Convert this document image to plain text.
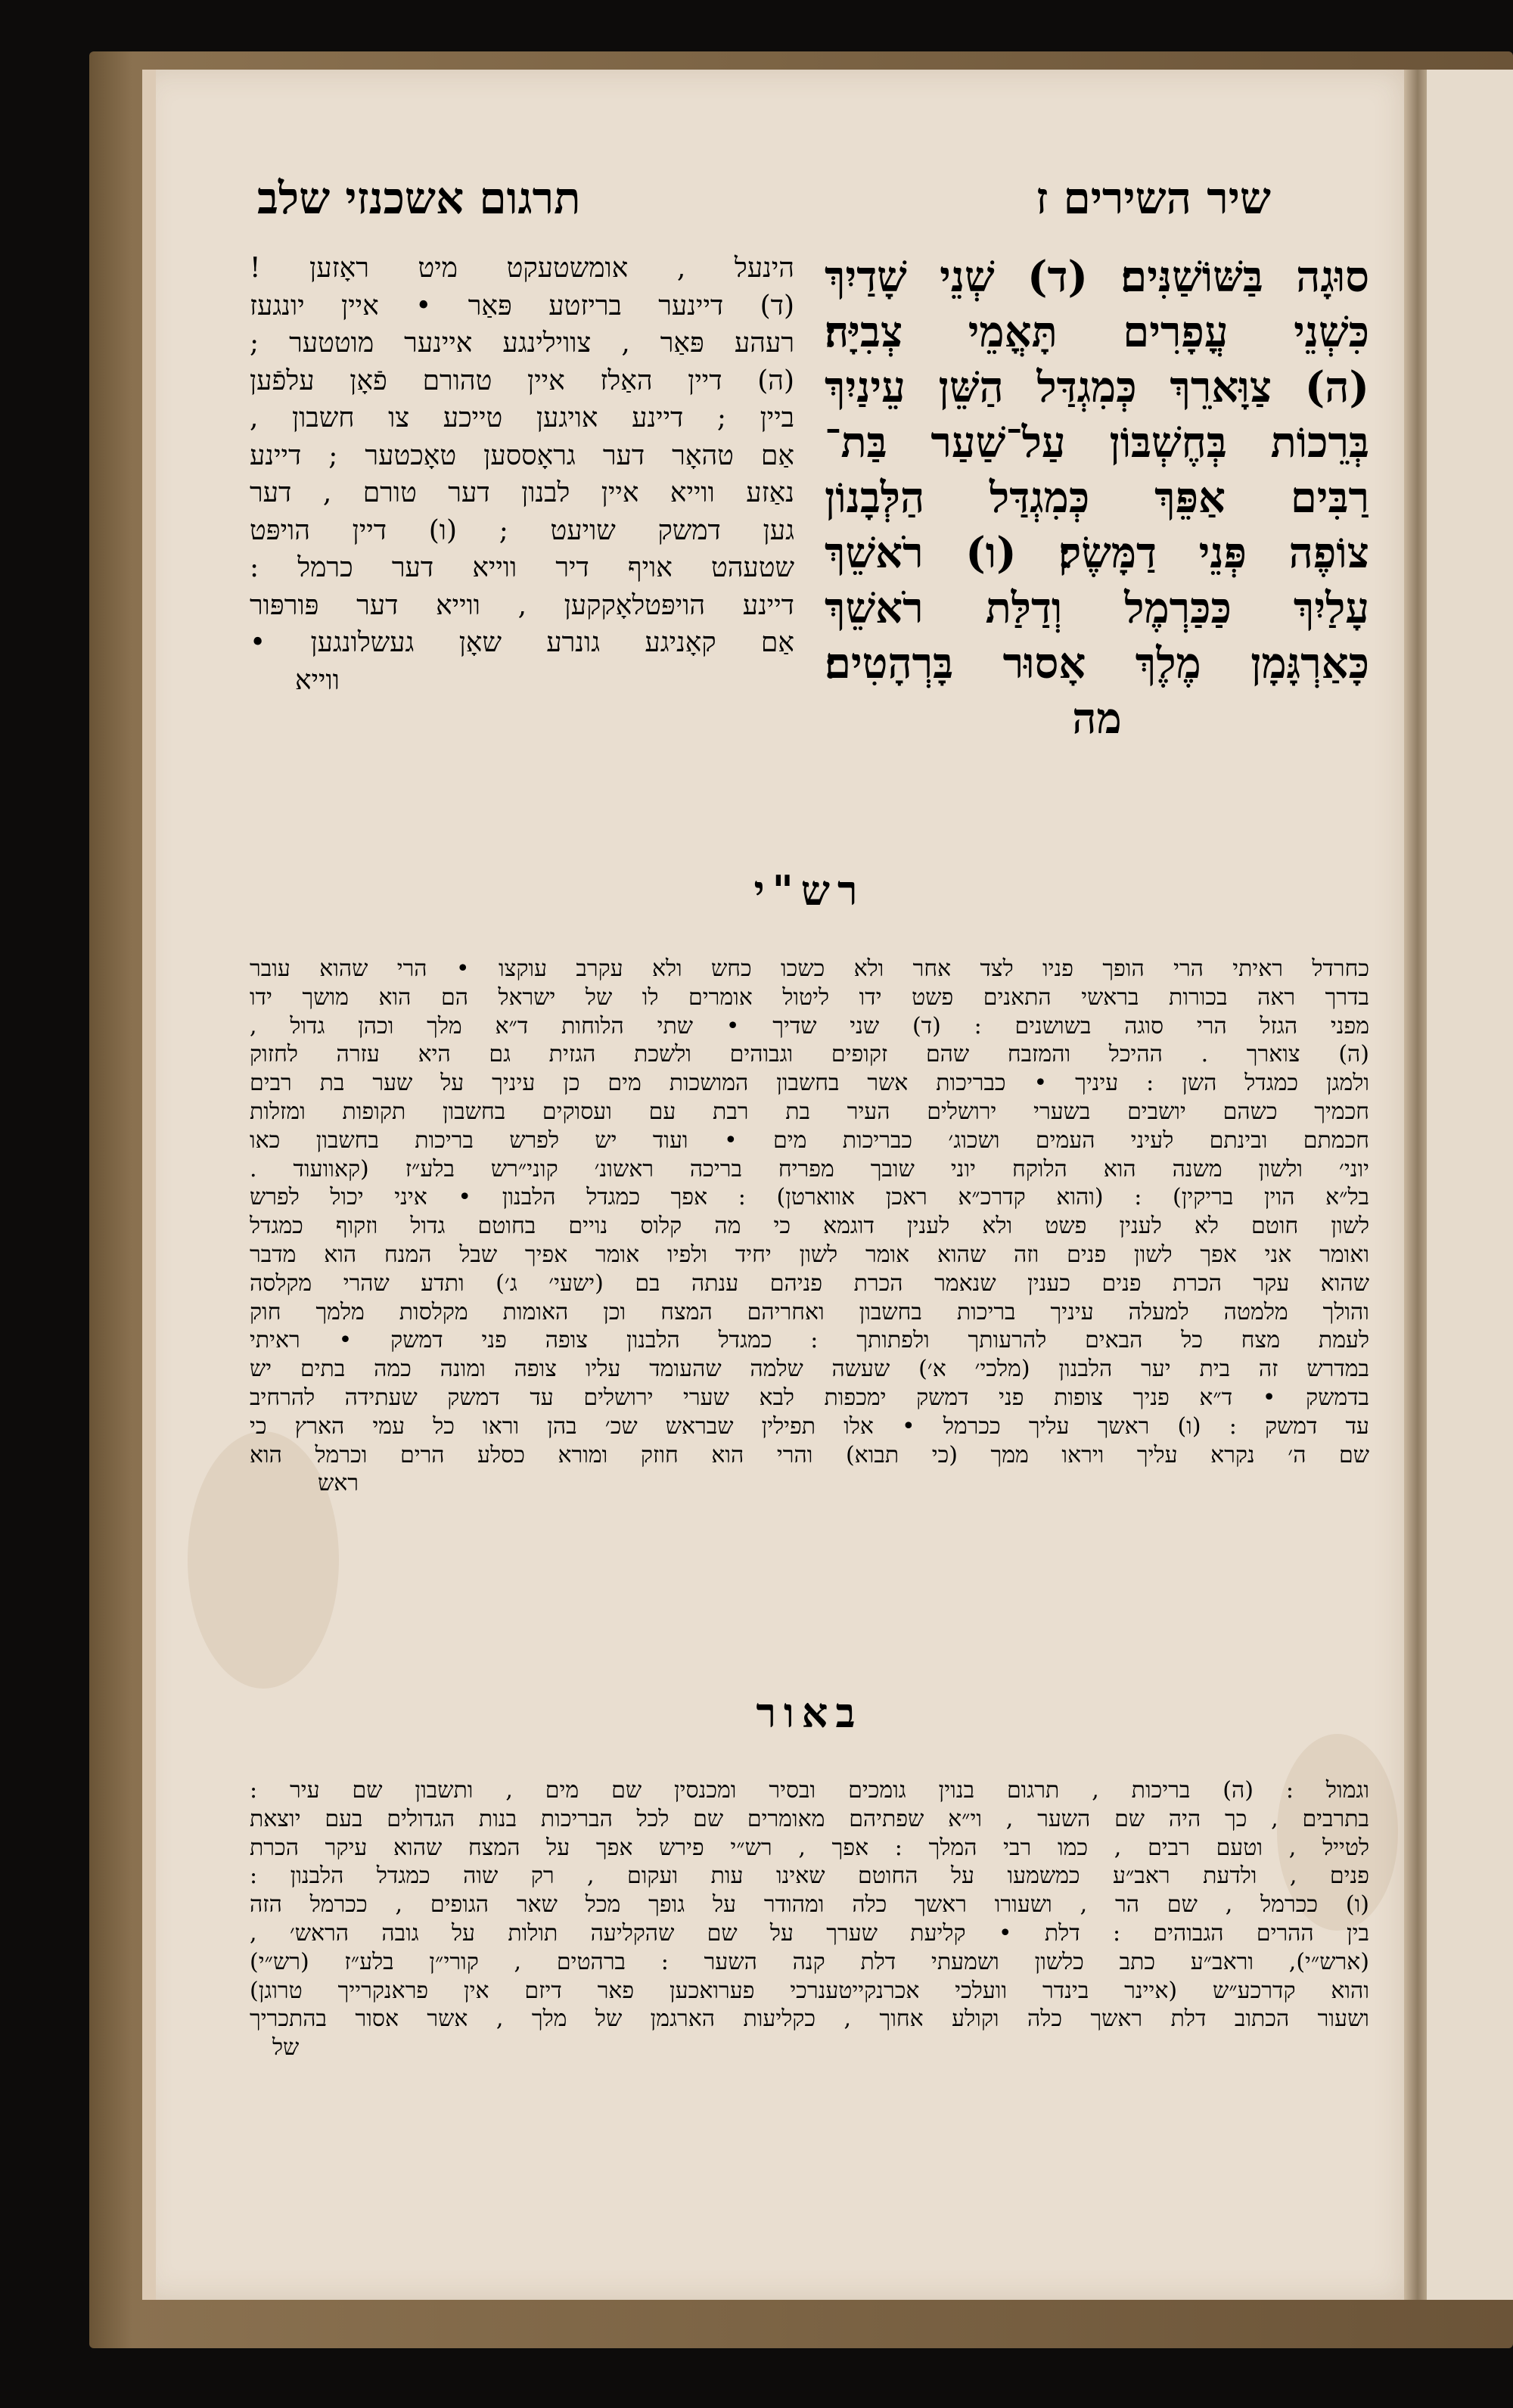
שיר השירים ז
תרגום אשכנזי שלב
סוּגָה בַּשּׁוֹשַׁנִּים׃ (ד) שְׁנֵי שָׁדַיִךְ
כִּשְׁנֵי עֳפָרִים תָּאֳמֵי צְבִיָּה׃
(ה) צַוָּארֵךְ כְּמִגְדַּל הַשֵּׁן עֵינַיִךְ
בְּרֵכוֹת בְּחֶשְׁבּוֹן עַל־שַׁעַר בַּת־
רַבִּים אַפֵּךְ כְּמִגְדַּל הַלְּבָנוֹן
צוֹפֶה פְּנֵי דַמָּשֶׂק׃ (ו) רֹאשֵׁךְ
עָלַיִךְ כַּכַּרְמֶל וְדַלַּת רֹאשֵׁךְ
כָּאַרְגָּמָן מֶלֶךְ אָסוּר בָּרְהָטִים׃
מה
הינעל , אומשטעקט מיט ראָזען !
(ד) דיינער בריזטע פּאַר • איין יונגעז
רעהע פּאַר , צווילינגע איינער מוטטער ;
(ה) דיין האַלז איין טהורם פֿאָן עלפֿען
ביין ; דיינע אויגען טייכע צו חשבון ,
אַם טהאָר דער גראָססען טאָכטער ; דיינע
נאַזע ווייא איין לבנון דער טורם , דער
גען דמשק שויעט ; (ו) דיין הויפּט
שטעהט אויף דיר ווייא דער כרמל :
דיינע הויפּטלאָקקען , ווייא דער פּורפּור
אַם קאָניגע גונרע שאָן געשלונגען •
ווייא
רש"י
כחרדל ראיתי הרי הופך פניו לצד אחר ולא כשכו כחש ולא עקרב עוקצו • הרי שהוא עובר
בדרך ראה בכורות בראשי התאנים פשט ידו ליטול אומרים לו של ישראל הם הוא מושך ידו
מפני הגזל הרי סוגה בשושנים : (ד) שני שדיך • שתי הלוחות ד״א מלך וכהן גדול ,
(ה) צוארך . ההיכל והמזבח שהם זקופים וגבוהים ולשכת הגזית גם היא עזרה לחזוק
ולמגן כמגדל השן : עיניך • כבריכות אשר בחשבון המושכות מים כן עיניך על שער בת רבים
חכמיך כשהם יושבים בשערי ירושלים העיר בת רבת עם ועסוקים בחשבון תקופות ומזלות
חכמתם ובינתם לעיני העמים ושכוג׳ כבריכות מים • ועוד יש לפרש בריכות בחשבון כאו
יוני׳ ולשון משנה הוא הלוקח יוני שובך מפריח בריכה ראשונ׳ קוני״רש בלע״ז (קאוועוד .
בל״א הוין בריקין) : (והוא קדרכ״א ראכן אווארטן) : אפך כמגדל הלבנון • איני יכול לפרש
לשון חוטם לא לענין פשט ולא לענין דוגמא כי מה קלוס נויים בחוטם גדול וזקוף כמגדל
ואומר אני אפך לשון פנים וזה שהוא אומר לשון יחיד ולפיו אומר אפיך שבל המנח הוא מדבר
שהוא עקר הכרת פנים כענין שנאמר הכרת פניהם ענתה בם (ישעי׳ ג׳) ותדע שהרי מקלסה
והולך מלמטה למעלה עיניך בריכות בחשבון ואחריהם המצח וכן האומות מקלסות מלמך חוק
לעמת מצח כל הבאים להרעותך ולפתותך : כמגדל הלבנון צופה פני דמשק • ראיתי
במדרש זה בית יער הלבנון (מלכי׳ א׳) שעשה שלמה שהעומד עליו צופה ומונה כמה בתים יש
בדמשק • ד״א פניך צופות פני דמשק ימכפות לבא שערי ירושלים עד דמשק שעתידה להרחיב
עד דמשק : (ו) ראשך עליך ככרמל • אלו תפילין שבראש שכ׳ בהן וראו כל עמי הארץ כי
שם ה׳ נקרא עליך ויראו ממך (כי תבוא) והרי הוא חוזק ומורא כסלע הרים וכרמל הוא
ראש
באור
וגמול : (ה) בריכות , תרגום בנוין גומכים ובסיר ומכנסין שם מים , ותשבון שם עיר :
בתרבים , כך היה שם השער , וי״א שפתיהם מאומרים שם לכל הבריכות בנות הגדולים בעם יוצאת
לטייל , וטעם רבים , כמו רבי המלך : אפך , רש״י פירש אפך על המצח שהוא עיקר הכרת
פנים , ולדעת ראב״ע כמשמעו על החוטם שאינו עות ועקום , רק שוה כמגדל הלבנון :
(ו) ככרמל , שם הר , ושעורו ראשך כלה ומהודר על גופך מכל שאר הגופים , ככרמל הזה
בין ההרים הגבוהים : דלת • קליעת שערך על שם שהקליעה תולות על גובה הראש׳ ,
(ארש״י), וראב״ע כתב כלשון ושמעתי דלת קנה השער : ברהטים , קורי״ן בלע״ז (רש״י)
והוא קדרכע״ש (איינר בינדר וועלכי אכרנקייטענרכי פערואכען פאר דיזם אין פראנקרייך טרוגן)
ושעור הכתוב דלת ראשך כלה וקולע אחוך , כקליעות הארגמן של מלך , אשר אסור בהתכריך
של
